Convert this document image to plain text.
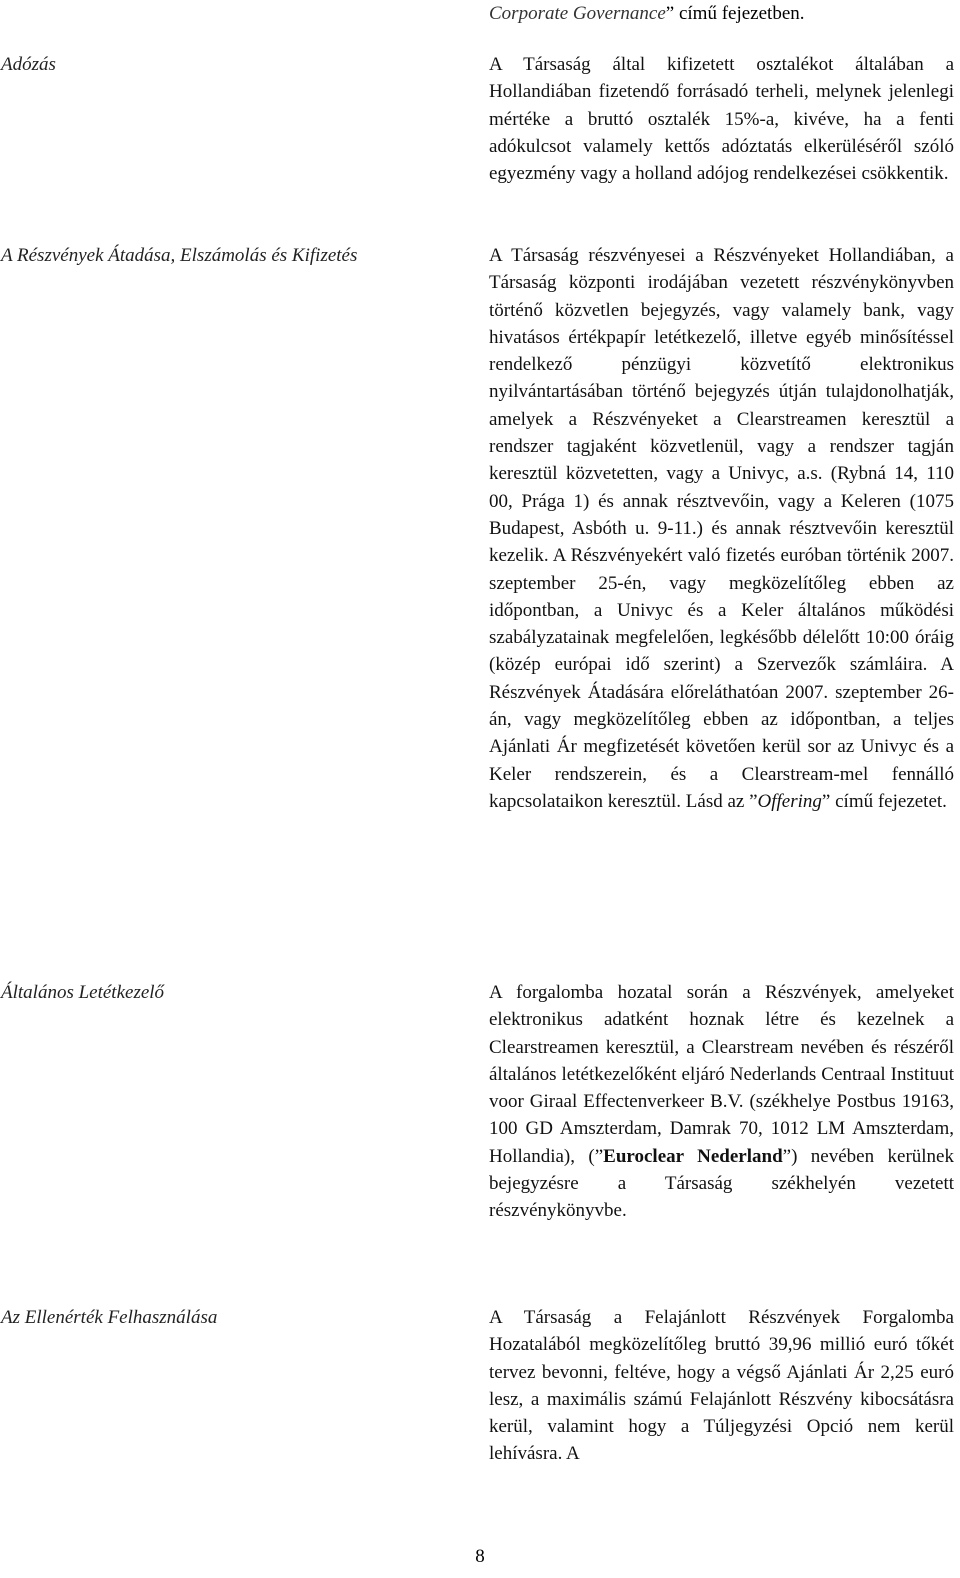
Corporate Governance” című fejezetben.
Adózás	A Társaság által kifizetett osztalékot általában a Hollandiában fizetendő forrásadó terheli, melynek jelenlegi mértéke a bruttó osztalék 15%-a, kivéve, ha a fenti adókulcsot valamely kettős adóztatás elkerüléséről szóló egyezmény vagy a holland adójog rendelkezései csökkentik.
A Részvények Átadása, Elszámolás és Kifizetés	A Társaság részvényesei a Részvényeket Hollandiában, a Társaság központi irodájában vezetett részvénykönyvben történő közvetlen bejegyzés, vagy valamely bank, vagy hivatásos értékpapír letétkezelő, illetve egyéb minősítéssel rendelkező pénzügyi közvetítő elektronikus nyilvántartásában történő bejegyzés útján tulajdonolhatják, amelyek a Részvényeket a Clearstreamen keresztül a rendszer tagjaként közvetlenül, vagy a rendszer tagján keresztül közvetetten, vagy a Univyc, a.s. (Rybná 14, 110 00, Prága 1) és annak résztvevőin, vagy a Keleren (1075 Budapest, Asbóth u. 9-11.) és annak résztvevőin keresztül kezelik. A Részvényekért való fizetés euróban történik 2007. szeptember 25-én, vagy megközelítőleg ebben az időpontban, a Univyc és a Keler általános működési szabályzatainak megfelelően, legkésőbb délelőtt 10:00 óráig (közép európai idő szerint) a Szervezők számláira. A Részvények Átadására előreláthatóan 2007. szeptember 26-án, vagy megközelítőleg ebben az időpontban, a teljes Ajánlati Ár megfizetését követően kerül sor az Univyc és a Keler rendszerein, és a Clearstream-mel fennálló kapcsolataikon keresztül. Lásd az ”Offering” című fejezetet.
Általános Letétkezelő	A forgalomba hozatal során a Részvények, amelyeket elektronikus adatként hoznak létre és kezelnek a Clearstreamen keresztül, a Clearstream nevében és részéről általános letétkezelőként eljáró Nederlands Centraal Instituut voor Giraal Effectenverkeer B.V. (székhelye Postbus 19163, 100 GD Amszterdam, Damrak 70, 1012 LM Amszterdam, Hollandia), (”Euroclear Nederland”) nevében kerülnek bejegyzésre a Társaság székhelyén vezetett részvénykönyvbe.
Az Ellenérték Felhasználása	A Társaság a Felajánlott Részvények Forgalomba Hozatalából megközelítőleg bruttó 39,96 millió euró tőkét tervez bevonni, feltéve, hogy a végső Ajánlati Ár 2,25 euró lesz, a maximális számú Felajánlott Részvény kibocsátásra kerül, valamint hogy a Túljegyzési Opció nem kerül lehívásra. A
8
